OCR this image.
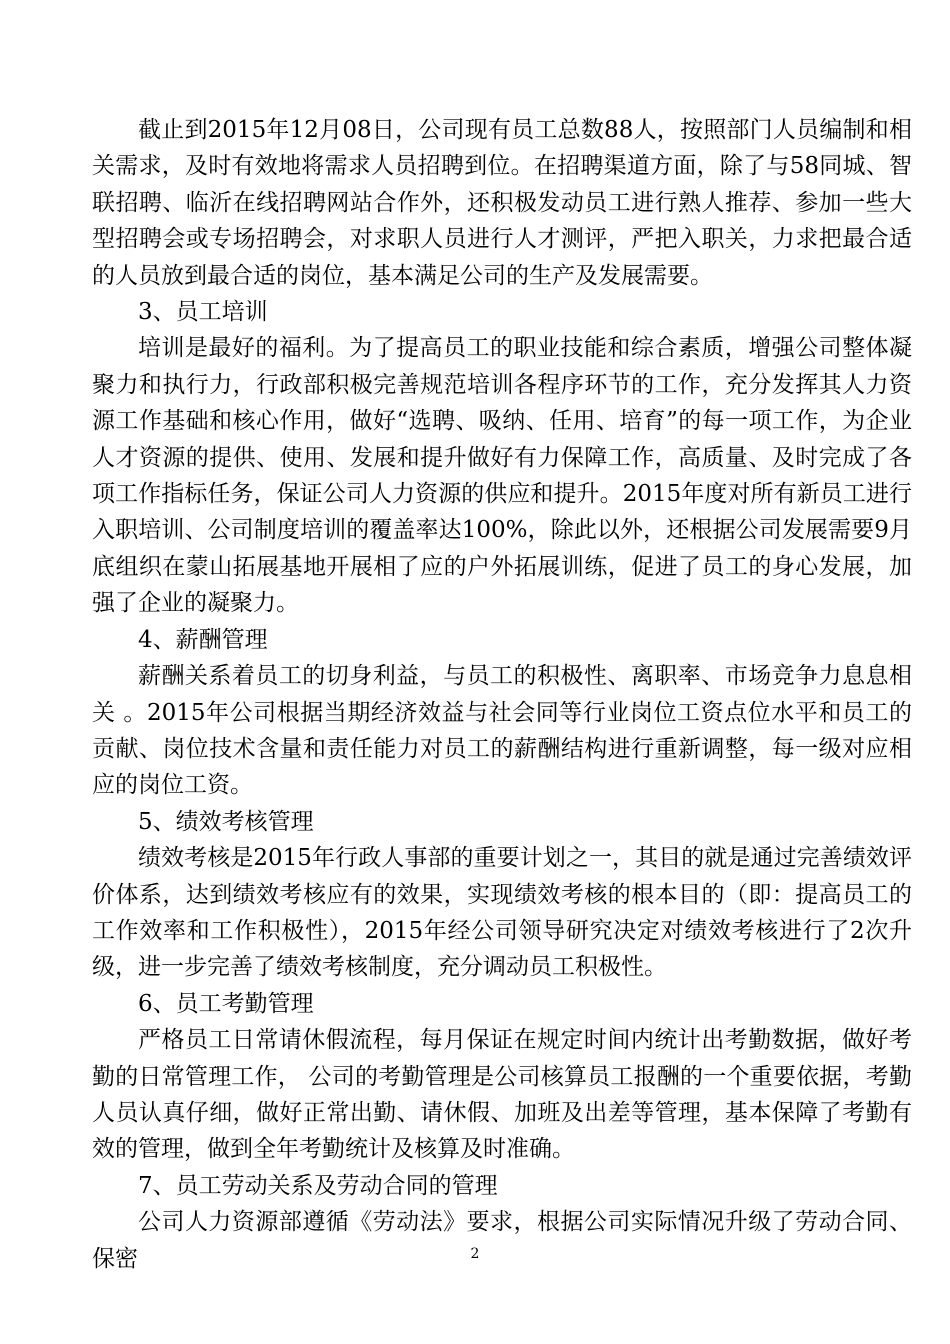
截止到2015年12月08日，公司现有员工总数88人，按照部门人员编制和相关需求，及时有效地将需求人员招聘到位。在招聘渠道方面，除了与58同城、智联招聘、临沂在线招聘网站合作外，还积极发动员工进行熟人推荐、参加一些大型招聘会或专场招聘会，对求职人员进行人才测评，严把入职关，力求把最合适的人员放到最合适的岗位，基本满足公司的生产及发展需要。

3、员工培训

培训是最好的福利。为了提高员工的职业技能和综合素质，增强公司整体凝聚力和执行力，行政部积极完善规范培训各程序环节的工作，充分发挥其人力资源工作基础和核心作用，做好“选聘、吸纳、任用、培育”的每一项工作，为企业人才资源的提供、使用、发展和提升做好有力保障工作，高质量、及时完成了各项工作指标任务，保证公司人力资源的供应和提升。2015年度对所有新员工进行入职培训、公司制度培训的覆盖率达100%，除此以外，还根据公司发展需要9月底组织在蒙山拓展基地开展相了应的户外拓展训练，促进了员工的身心发展，加强了企业的凝聚力。

4、薪酬管理

薪酬关系着员工的切身利益，与员工的积极性、离职率、市场竞争力息息相关 。2015年公司根据当期经济效益与社会同等行业岗位工资点位水平和员工的贡献、岗位技术含量和责任能力对员工的薪酬结构进行重新调整，每一级对应相应的岗位工资。

5、绩效考核管理

绩效考核是2015年行政人事部的重要计划之一，其目的就是通过完善绩效评价体系，达到绩效考核应有的效果，实现绩效考核的根本目的（即：提高员工的工作效率和工作积极性），2015年经公司领导研究决定对绩效考核进行了2次升级，进一步完善了绩效考核制度，充分调动员工积极性。

6、员工考勤管理

严格员工日常请休假流程，每月保证在规定时间内统计出考勤数据，做好考勤的日常管理工作， 公司的考勤管理是公司核算员工报酬的一个重要依据，考勤人员认真仔细，做好正常出勤、请休假、加班及出差等管理，基本保障了考勤有效的管理，做到全年考勤统计及核算及时准确。

7、员工劳动关系及劳动合同的管理

公司人力资源部遵循《劳动法》要求，根据公司实际情况升级了劳动合同、保密	2
